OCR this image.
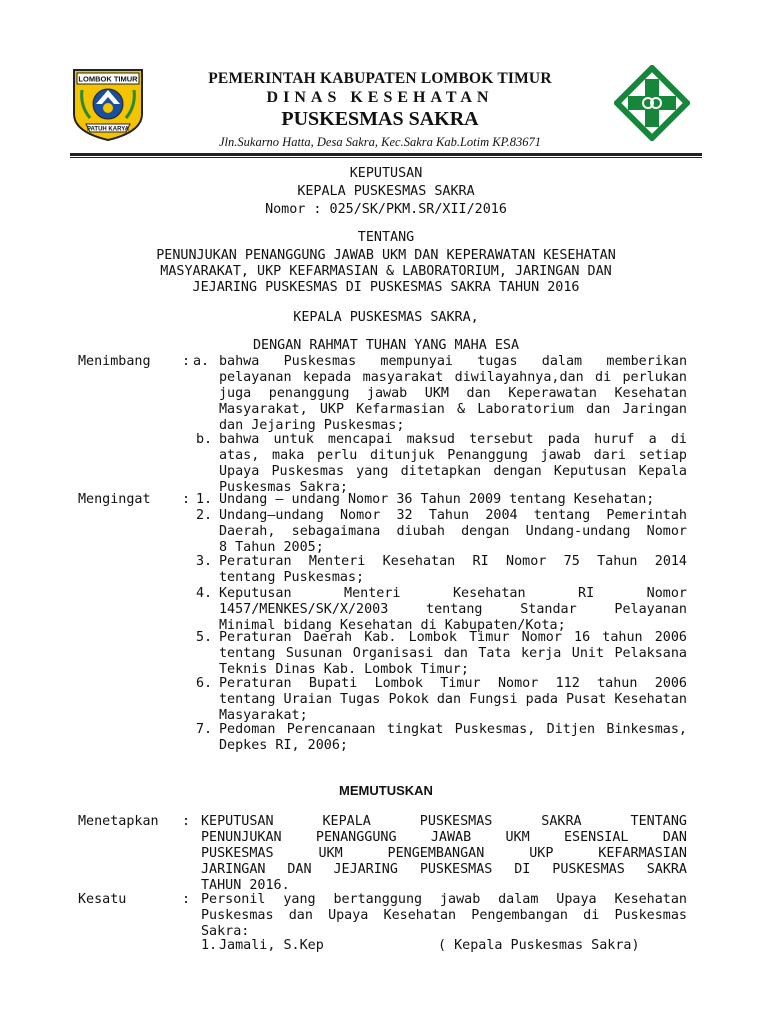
LOMBOK TIMUR
PATUH KARYA
PEMERINTAH KABUPATEN LOMBOK TIMUR
DINAS KESEHATAN
PUSKESMAS SAKRA
Jln.Sukarno Hatta, Desa Sakra, Kec.Sakra Kab.Lotim KP.83671
KEPUTUSAN
KEPALA PUSKESMAS SAKRA
Nomor : 025/SK/PKM.SR/XII/2016
TENTANG
PENUNJUKAN PENANGGUNG JAWAB UKM DAN KEPERAWATAN KESEHATAN
MASYARAKAT, UKP KEFARMASIAN & LABORATORIUM, JARINGAN DAN
JEJARING PUSKESMAS DI PUSKESMAS SAKRA TAHUN 2016
KEPALA PUSKESMAS SAKRA,
DENGAN RAHMAT TUHAN YANG MAHA ESA
Menimbang : a. bahwa Puskesmas mempunyai tugas dalam memberikan
pelayanan kepada masyarakat diwilayahnya,dan di perlukan
juga penanggung jawab UKM dan Keperawatan Kesehatan
Masyarakat, UKP Kefarmasian & Laboratorium dan Jaringan
dan Jejaring Puskesmas;
b. bahwa untuk mencapai maksud tersebut pada huruf a di
atas, maka perlu ditunjuk Penanggung jawab dari setiap
Upaya Puskesmas yang ditetapkan dengan Keputusan Kepala
Puskesmas Sakra;
Mengingat : 1. Undang – undang Nomor 36 Tahun 2009 tentang Kesehatan;
2. Undang–undang Nomor 32 Tahun 2004 tentang Pemerintah
Daerah, sebagaimana diubah dengan Undang-undang Nomor
8 Tahun 2005;
3. Peraturan Menteri Kesehatan RI Nomor 75 Tahun 2014
tentang Puskesmas;
4. Keputusan Menteri Kesehatan RI Nomor
1457/MENKES/SK/X/2003 tentang Standar Pelayanan
Minimal bidang Kesehatan di Kabupaten/Kota;
5. Peraturan Daerah Kab. Lombok Timur Nomor 16 tahun 2006
tentang Susunan Organisasi dan Tata kerja Unit Pelaksana
Teknis Dinas Kab. Lombok Timur;
6. Peraturan Bupati Lombok Timur Nomor 112 tahun 2006
tentang Uraian Tugas Pokok dan Fungsi pada Pusat Kesehatan
Masyarakat;
7. Pedoman Perencanaan tingkat Puskesmas, Ditjen Binkesmas,
Depkes RI, 2006;
MEMUTUSKAN
Menetapkan : KEPUTUSAN KEPALA PUSKESMAS SAKRA TENTANG
PENUNJUKAN PENANGGUNG JAWAB UKM ESENSIAL DAN
PUSKESMAS UKM PENGEMBANGAN UKP KEFARMASIAN
JARINGAN DAN JEJARING PUSKESMAS DI PUSKESMAS SAKRA
TAHUN 2016.
Kesatu	: Personil yang bertanggung jawab dalam Upaya Kesehatan
Puskesmas dan Upaya Kesehatan Pengembangan di Puskesmas
Sakra:
1. Jamali, S.Kep	( Kepala Puskesmas Sakra)
